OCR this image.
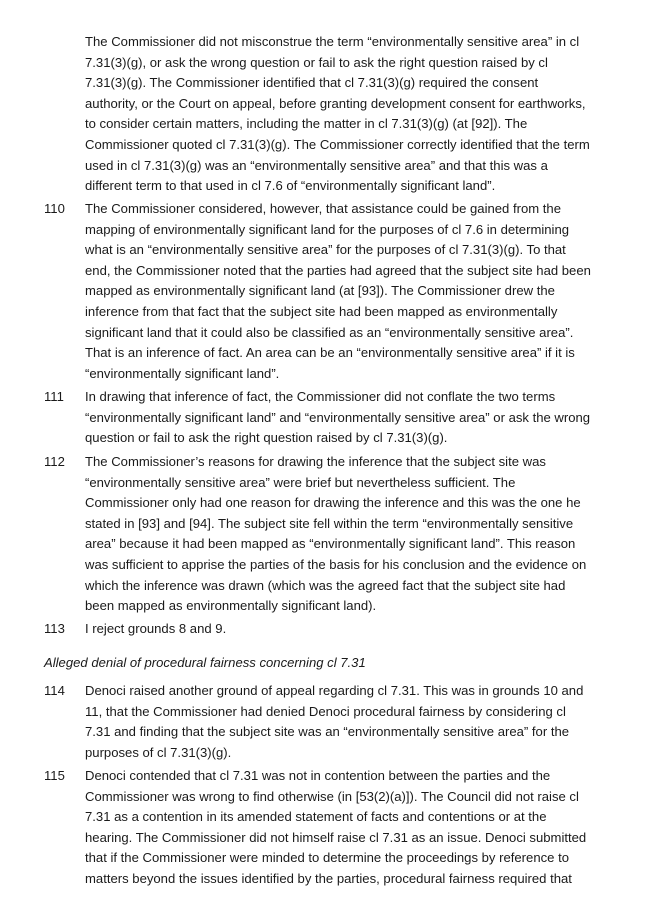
The Commissioner did not misconstrue the term “environmentally sensitive area” in cl
7.31(3)(g), or ask the wrong question or fail to ask the right question raised by cl
7.31(3)(g). The Commissioner identified that cl 7.31(3)(g) required the consent
authority, or the Court on appeal, before granting development consent for earthworks,
to consider certain matters, including the matter in cl 7.31(3)(g) (at [92]). The
Commissioner quoted cl 7.31(3)(g). The Commissioner correctly identified that the term
used in cl 7.31(3)(g) was an “environmentally sensitive area” and that this was a
different term to that used in cl 7.6 of “environmentally significant land”.
110 The Commissioner considered, however, that assistance could be gained from the
mapping of environmentally significant land for the purposes of cl 7.6 in determining
what is an “environmentally sensitive area” for the purposes of cl 7.31(3)(g). To that
end, the Commissioner noted that the parties had agreed that the subject site had been
mapped as environmentally significant land (at [93]). The Commissioner drew the
inference from that fact that the subject site had been mapped as environmentally
significant land that it could also be classified as an “environmentally sensitive area”.
That is an inference of fact. An area can be an “environmentally sensitive area” if it is
“environmentally significant land”.
111 In drawing that inference of fact, the Commissioner did not conflate the two terms
“environmentally significant land” and “environmentally sensitive area” or ask the wrong
question or fail to ask the right question raised by cl 7.31(3)(g).
112 The Commissioner’s reasons for drawing the inference that the subject site was
“environmentally sensitive area” were brief but nevertheless sufficient. The
Commissioner only had one reason for drawing the inference and this was the one he
stated in [93] and [94]. The subject site fell within the term “environmentally sensitive
area” because it had been mapped as “environmentally significant land”. This reason
was sufficient to apprise the parties of the basis for his conclusion and the evidence on
which the inference was drawn (which was the agreed fact that the subject site had
been mapped as environmentally significant land).
113 I reject grounds 8 and 9.
Alleged denial of procedural fairness concerning cl 7.31
114 Denoci raised another ground of appeal regarding cl 7.31. This was in grounds 10 and
11, that the Commissioner had denied Denoci procedural fairness by considering cl
7.31 and finding that the subject site was an “environmentally sensitive area” for the
purposes of cl 7.31(3)(g).
115 Denoci contended that cl 7.31 was not in contention between the parties and the
Commissioner was wrong to find otherwise (in [53(2)(a)]). The Council did not raise cl
7.31 as a contention in its amended statement of facts and contentions or at the
hearing. The Commissioner did not himself raise cl 7.31 as an issue. Denoci submitted
that if the Commissioner were minded to determine the proceedings by reference to
matters beyond the issues identified by the parties, procedural fairness required that
